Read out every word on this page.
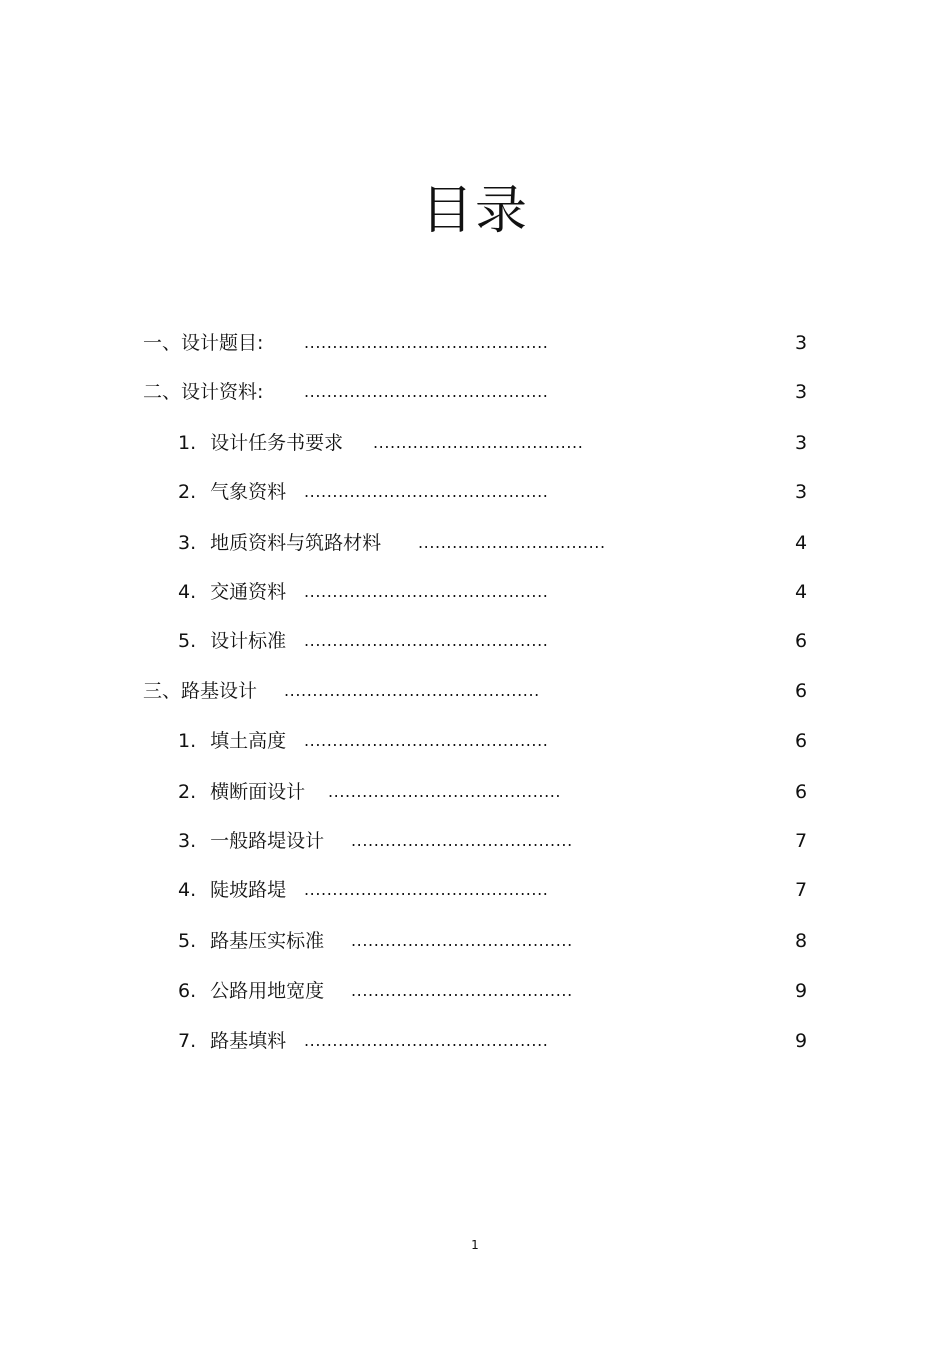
目录
一、设计题目:	...........................................	3
二、设计资料:	...........................................	3
1. 设计任务书要求 .....................................	3
2. 气象资料 ...........................................	3
3. 地质资料与筑路材料 .................................	4
4. 交通资料 ...........................................	4
5. 设计标准 ...........................................	6
三、路基设计 .............................................	6
1. 填土高度 ...........................................	6
2. 横断面设计 .........................................	6
3. 一般路堤设计 .......................................	7
4. 陡坡路堤 ...........................................	7
5. 路基压实标准 .......................................	8
6. 公路用地宽度 .......................................	9
7. 路基填料 ...........................................	9
1
